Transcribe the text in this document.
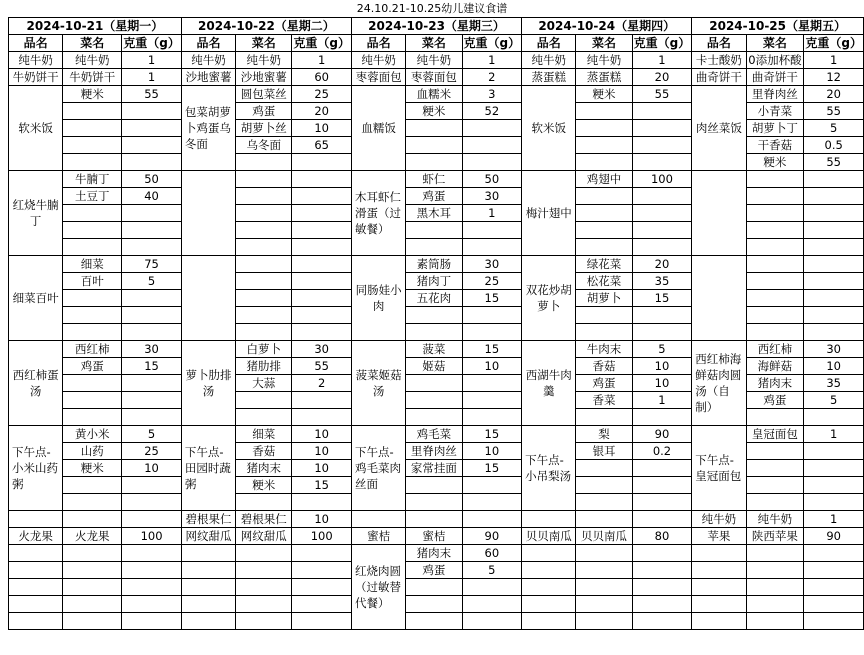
24.10.21-10.25幼儿建议食谱
2024-10-21（星期一）			2024-10-22（星期二）			2024-10-23（星期三）			2024-10-24（星期四）			2024-10-25（星期五）		
品名	菜名	克重（g）	品名	菜名	克重（g）	品名	菜名	克重（g）	品名	菜名	克重（g）	品名	菜名	克重（g）
纯牛奶	纯牛奶	1	纯牛奶	纯牛奶	1	纯牛奶	纯牛奶	1	纯牛奶	纯牛奶	1	卡士酸奶	0添加杯酸	1
牛奶饼干	牛奶饼干	1	沙地蜜薯	沙地蜜薯	60	枣蓉面包	枣蓉面包	2	蒸蛋糕	蒸蛋糕	20	曲奇饼干	曲奇饼干	12
软米饭	粳米	55	包菜胡萝卜鸡蛋乌冬面	圆包菜丝	25	血糯饭	血糯米	3	软米饭	粳米	55	肉丝菜饭	里脊肉丝	20
				鸡蛋	20		粳米	52					小青菜	55
				胡萝卜丝	10								胡萝卜丁	5
				乌冬面	65								干香菇	0.5
													粳米	55
红烧牛腩丁	牛腩丁	50				木耳虾仁滑蛋（过敏餐）	虾仁	50	梅汁翅中	鸡翅中	100			
	土豆丁	40					鸡蛋	30						
							黑木耳	1						

细菜百叶	细菜	75				同肠娃小肉	素筒肠	30	双花炒胡萝卜	绿花菜	20			
	百叶	5					猪肉丁	25		松花菜	35			
							五花肉	15		胡萝卜	15			

西红柿蛋汤	西红柿	30	萝卜肋排汤	白萝卜	30	菠菜姬菇汤	菠菜	15	西湖牛肉羹	牛肉末	5	西红柿海鲜菇肉圆汤（自制）	西红柿	30
	鸡蛋	15		猪肋排	55		姬菇	10		香菇	10		海鲜菇	10
				大蒜	2					鸡蛋	10		猪肉末	35
										香菜	1		鸡蛋	5

下午点-小米山药粥	黄小米	5	下午点-田园时蔬粥	细菜	10	下午点-鸡毛菜肉丝面	鸡毛菜	15	下午点-小吊梨汤	梨	90	下午点-皇冠面包	皇冠面包	1
	山药	25		香菇	10		里脊肉丝	10		银耳	0.2			
	粳米	10		猪肉末	10		家常挂面	15						
				粳米	15									

			碧根果仁	碧根果仁	10							纯牛奶	纯牛奶	1
火龙果	火龙果	100	网纹甜瓜	网纹甜瓜	100	蜜桔	蜜桔	90	贝贝南瓜	贝贝南瓜	80	苹果	陕西苹果	90
						红烧肉圆（过敏替代餐）	猪肉末	60						
							鸡蛋	5						
